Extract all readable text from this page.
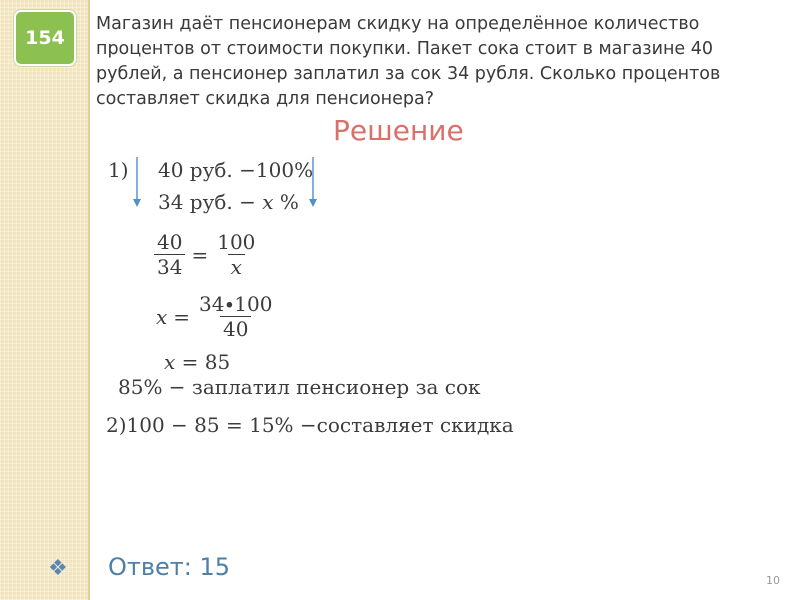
154
Магазин даёт пенсионерам скидку на определённое количество
процентов от стоимости покупки. Пакет сока стоит в магазине 40
рублей, а пенсионер заплатил за сок 34 рубля. Сколько процентов
составляет скидка для пенсионера?
Решение
1) 40 руб. −100%
34 руб. − x %
$\frac{40}{34} = \frac{100}{x}$
$x = \frac{34\cdot 100}{40}$
x = 85
85% − заплатил пенсионер за сок
2)100 − 85 = 15% −составляет скидка
❖ Ответ: 15	10
